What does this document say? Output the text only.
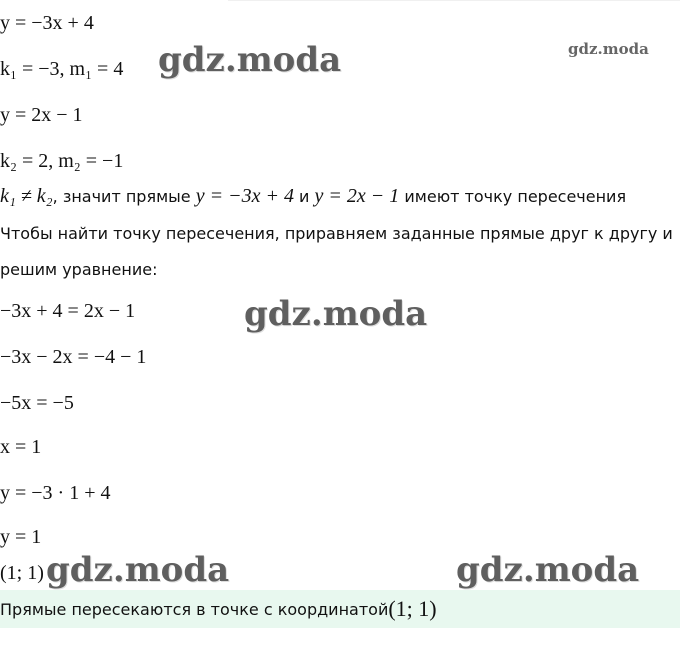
y = −3x + 4
k₁ = −3, m₁ = 4
y = 2x − 1
k₂ = 2, m₂ = −1
k₁ ≠ k₂, значит прямые y = −3x + 4 и y = 2x − 1 имеют точку пересечения
Чтобы найти точку пересечения, приравняем заданные прямые друг к другу и
решим уравнение:
−3x + 4 = 2x − 1
−3x − 2x = −4 − 1
−5x = −5
x = 1
y = −3 · 1 + 4
y = 1
(1; 1)
Прямые пересекаются в точке с координатой (1; 1)
gdz.moda	gdz.moda
gdz.moda
gdz.moda	gdz.moda
